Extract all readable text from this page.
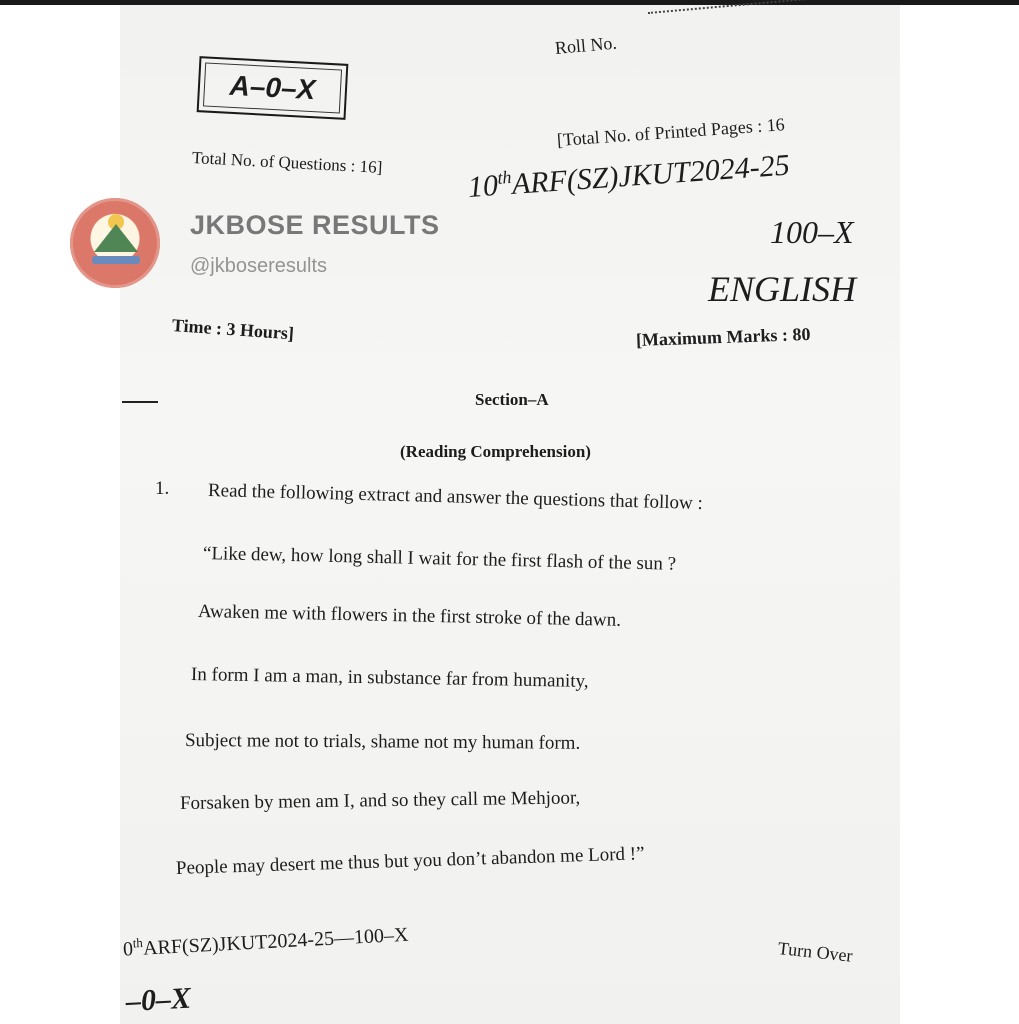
Roll No.
A–0–X
Total No. of Questions : 16]
[Total No. of Printed Pages : 16
10thARF(SZ)JKUT2024-25
100–X
ENGLISH
Time : 3 Hours]	[Maximum Marks : 80
JKBOSE RESULTS
@jkboseresults
Section–A
(Reading Comprehension)
1. Read the following extract and answer the questions that follow :
“Like dew, how long shall I wait for the first flash of the sun ?
Awaken me with flowers in the first stroke of the dawn.
In form I am a man, in substance far from humanity,
Subject me not to trials, shame not my human form.
Forsaken by men am I, and so they call me Mehjoor,
People may desert me thus but you don’t abandon me Lord !”
0thARF(SZ)JKUT2024-25—100–X	Turn Over
–0–X
